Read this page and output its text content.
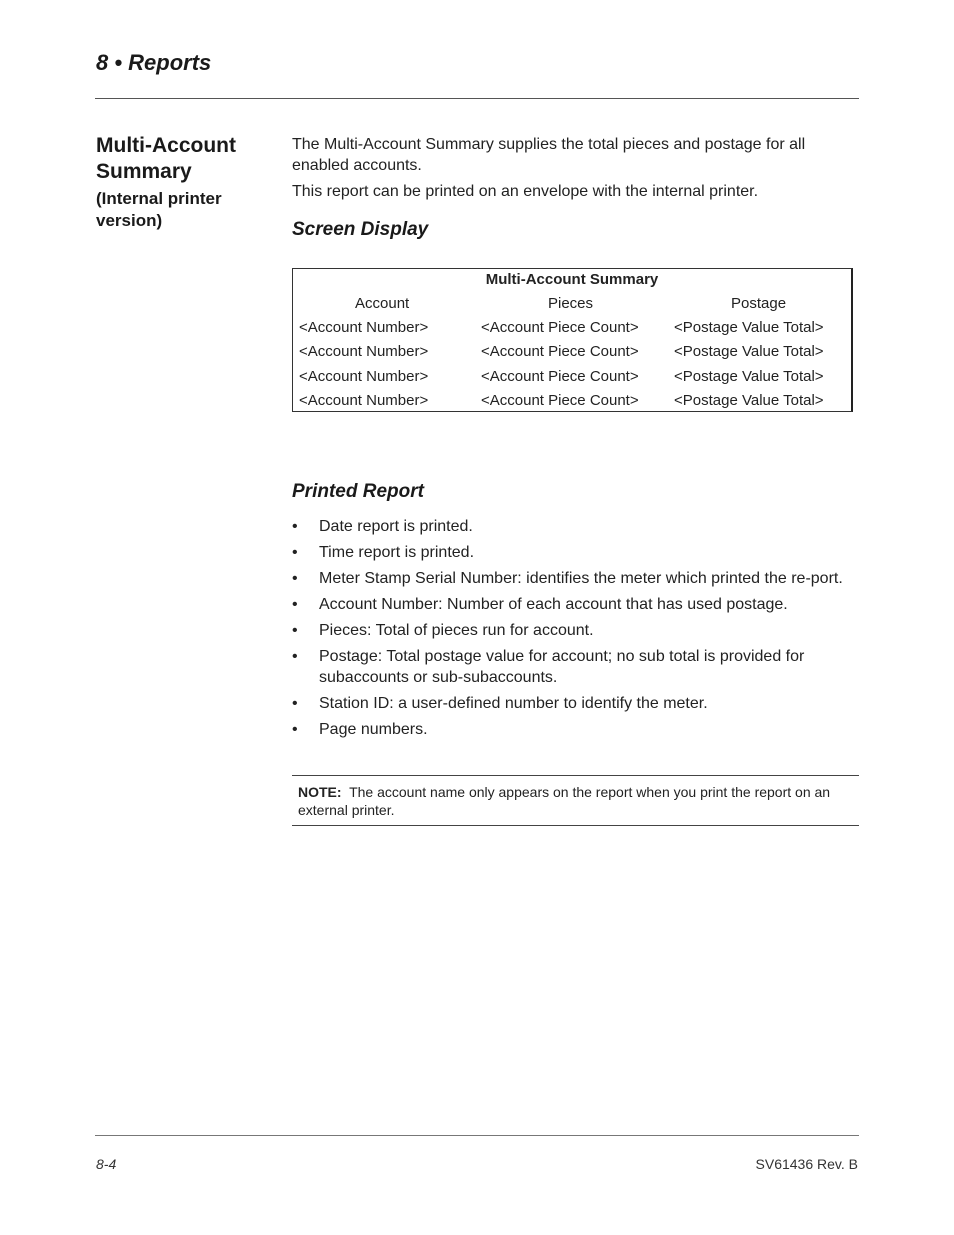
8 • Reports
Multi-Account Summary
(Internal printer version)

The Multi-Account Summary supplies the total pieces and postage for all enabled accounts.

This report can be printed on an envelope with the internal printer.

Screen Display
Multi-Account Summary
Account	Pieces	Postage
<Account Number>	<Account Piece Count> <Postage Value Total>
<Account Number>	<Account Piece Count> <Postage Value Total>
<Account Number>	<Account Piece Count> <Postage Value Total>
<Account Number>	<Account Piece Count> <Postage Value Total>
Printed Report
• Date report is printed.
• Time report is printed.
• Meter Stamp Serial Number: identifies the meter which printed the re-port.
• Account Number: Number of each account that has used postage.
• Pieces: Total of pieces run for account.
• Postage: Total postage value for account; no sub total is provided for subaccounts or sub-subaccounts.
• Station ID: a user-defined number to identify the meter.
• Page numbers.
NOTE: The account name only appears on the report when you print the report on an external printer.
8-4	SV61436 Rev. B
